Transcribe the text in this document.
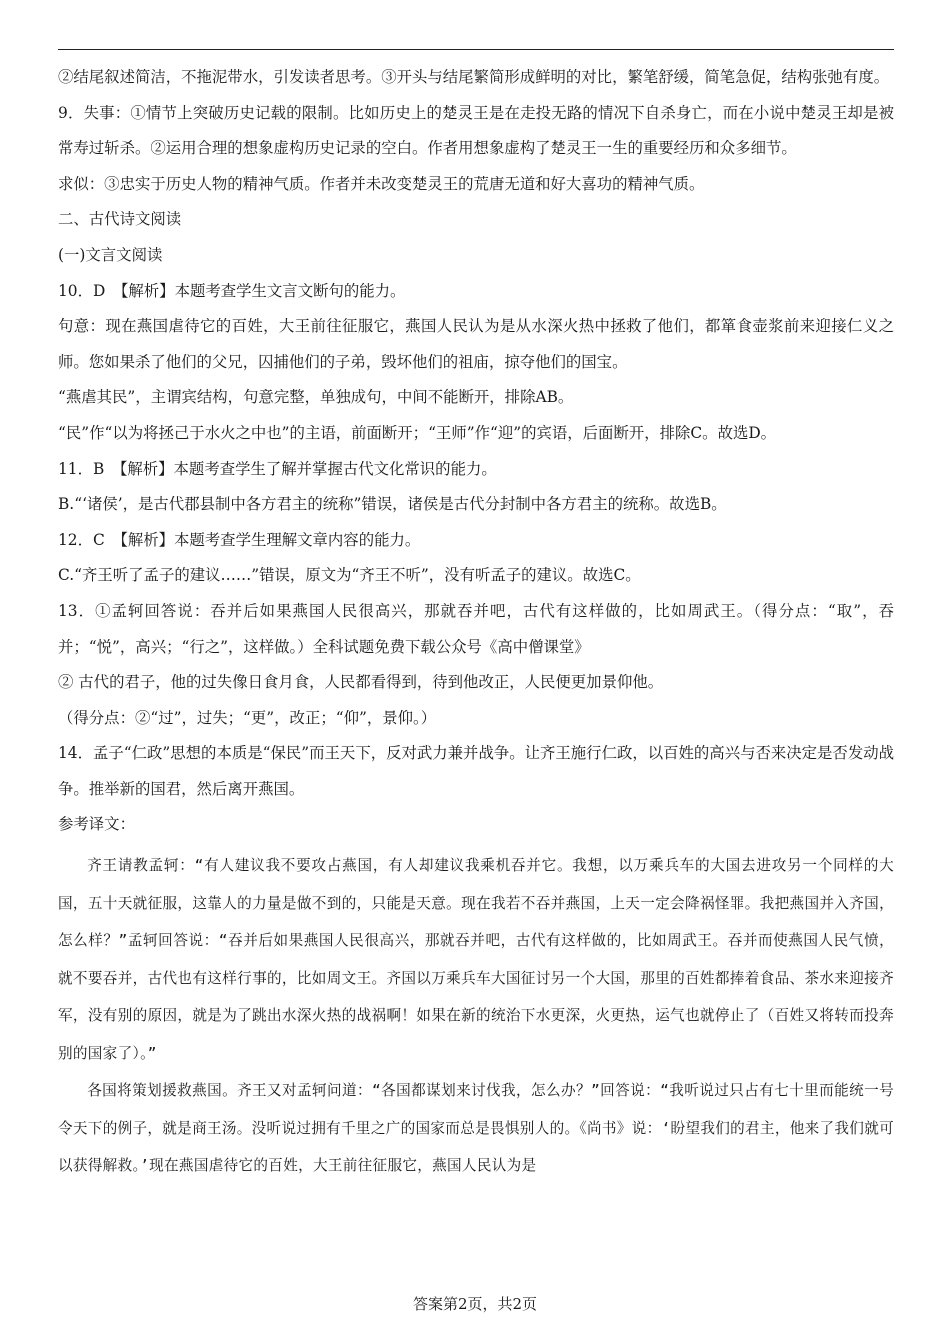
②结尾叙述简洁，不拖泥带水，引发读者思考。③开头与结尾繁简形成鲜明的对比，繁笔舒缓，简笔急促，结构张弛有度。

9．失事：①情节上突破历史记载的限制。比如历史上的楚灵王是在走投无路的情况下自杀身亡，而在小说中楚灵王却是被常寿过斩杀。②运用合理的想象虚构历史记录的空白。作者用想象虚构了楚灵王一生的重要经历和众多细节。

求似：③忠实于历史人物的精神气质。作者并未改变楚灵王的荒唐无道和好大喜功的精神气质。

二、古代诗文阅读

(一)文言文阅读

10．D　【解析】本题考查学生文言文断句的能力。

句意：现在燕国虐待它的百姓，大王前往征服它，燕国人民认为是从水深火热中拯救了他们，都箪食壶浆前来迎接仁义之师。您如果杀了他们的父兄，囚捕他们的子弟，毁坏他们的祖庙，掠夺他们的国宝。

“燕虐其民”，主谓宾结构，句意完整，单独成句，中间不能断开，排除AB。

“民”作“以为将拯己于水火之中也”的主语，前面断开；“王师”作“迎”的宾语，后面断开，排除C。故选D。

11．B　【解析】本题考查学生了解并掌握古代文化常识的能力。

B.“‘诸侯’，是古代郡县制中各方君主的统称”错误，诸侯是古代分封制中各方君主的统称。故选B。

12．C　【解析】本题考查学生理解文章内容的能力。

C.“齐王听了孟子的建议……”错误，原文为“齐王不听”，没有听孟子的建议。故选C。

13．①孟轲回答说：吞并后如果燕国人民很高兴，那就吞并吧，古代有这样做的，比如周武王。（得分点：“取”，吞并；“悦”，高兴；“行之”，这样做。）全科试题免费下载公众号《高中僧课堂》

② 古代的君子，他的过失像日食月食，人民都看得到，待到他改正，人民便更加景仰他。

（得分点：②“过”，过失；“更”，改正；“仰”，景仰。）

14．孟子“仁政”思想的本质是“保民”而王天下，反对武力兼并战争。让齐王施行仁政，以百姓的高兴与否来决定是否发动战争。推举新的国君，然后离开燕国。

参考译文：

齐王请教孟轲：“有人建议我不要攻占燕国，有人却建议我乘机吞并它。我想，以万乘兵车的大国去进攻另一个同样的大国，五十天就征服，这靠人的力量是做不到的，只能是天意。现在我若不吞并燕国，上天一定会降祸怪罪。我把燕国并入齐国，怎么样？”孟轲回答说：“吞并后如果燕国人民很高兴，那就吞并吧，古代有这样做的，比如周武王。吞并而使燕国人民气愤，就不要吞并，古代也有这样行事的，比如周文王。齐国以万乘兵车大国征讨另一个大国，那里的百姓都捧着食品、茶水来迎接齐军，没有别的原因，就是为了跳出水深火热的战祸啊！如果在新的统治下水更深，火更热，运气也就停止了（百姓又将转而投奔别的国家了）。”

各国将策划援救燕国。齐王又对孟轲问道：“各国都谋划来讨伐我，怎么办？”回答说：“我听说过只占有七十里而能统一号令天下的例子，就是商王汤。没听说过拥有千里之广的国家而总是畏惧别人的。《尚书》说：‘盼望我们的君主，他来了我们就可以获得解救。’现在燕国虐待它的百姓，大王前往征服它，燕国人民认为是

答案第2页，共2页
